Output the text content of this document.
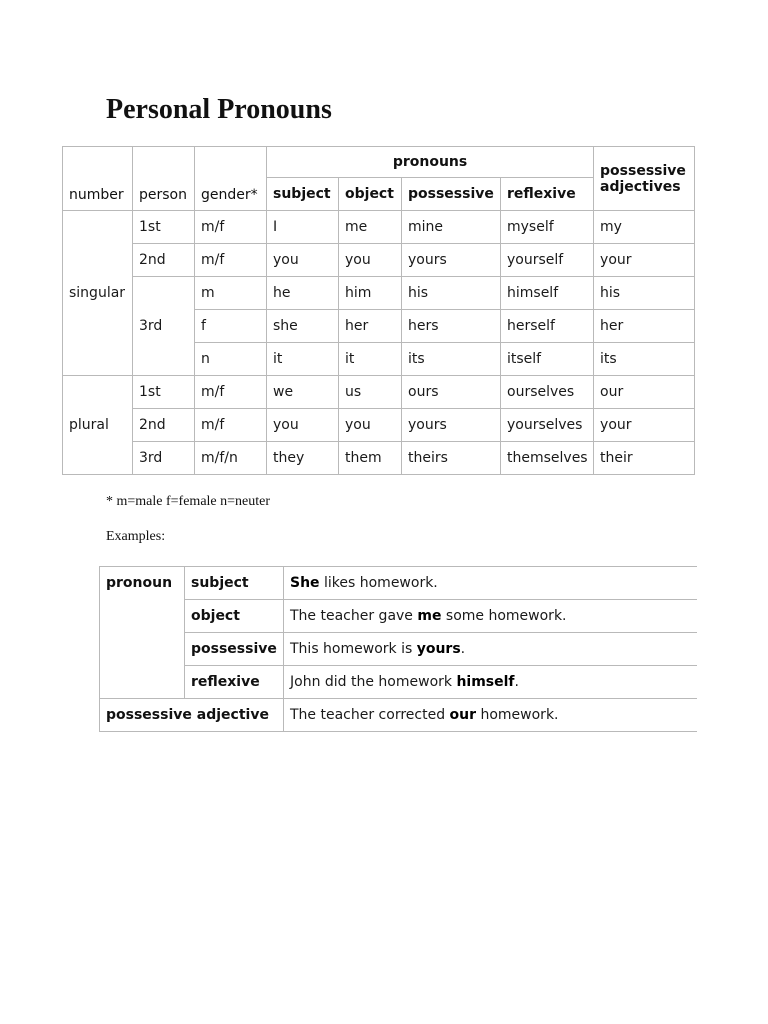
Personal Pronouns
number	person	gender*	pronouns				possessive adjectives
			subject	object	possessive	reflexive	
singular	1st	m/f	I	me	mine	myself	my
	2nd	m/f	you	you	yours	yourself	your
	3rd	m	he	him	his	himself	his
		f	she	her	hers	herself	her
		n	it	it	its	itself	its
plural	1st	m/f	we	us	ours	ourselves	our
	2nd	m/f	you	you	yours	yourselves	your
	3rd	m/f/n	they	them	theirs	themselves	their
* m=male f=female n=neuter
Examples:
pronoun	subject	She likes homework.
	object	The teacher gave me some homework.
	possessive	This homework is yours.
	reflexive	John did the homework himself.
possessive adjective		The teacher corrected our homework.
